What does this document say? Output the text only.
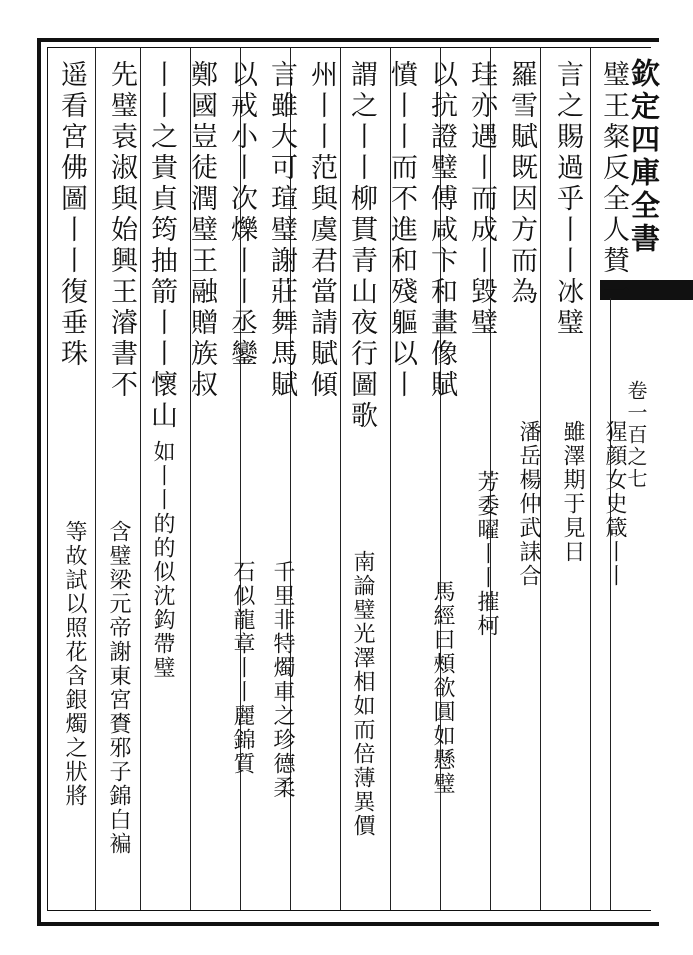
欽定四庫全書
卷一百之七
璧王粲反全人賛一
言之賜過乎丨丨冰璧
羅雪賦既因方而為
珪亦遇丨而成丨毀璧
以抗證璧傅咸卞和畫像賦
憤丨丨而不進和殘軀以丨
謂之丨丨柳貫青山夜行圖歌
州丨丨范與虞君當請賦傾
言雖大可瑄璧謝莊舞馬賦
以戒小丨次爍丨丨丞鑾
鄭國豈徒潤璧王融贈族叔
丨丨之貴貞筠抽箭丨丨懷山
先璧袁淑與始興王濬書不
遥看宮佛圖丨丨復垂珠
猩顔女史箴丨丨
雖澤期于見日
潘岳楊仲武誄合
芳委曜丨丨摧柯
馬經曰頰欲圓如懸璧
南論璧光澤相如而倍薄異價
千里非特燭車之珍德柔
石似龍章丨丨麗錦質
如丨丨的的似沈鈎帶璧
含璧梁元帝謝東宮賚邪子錦白褊
等故試以照花含銀燭之狀將
